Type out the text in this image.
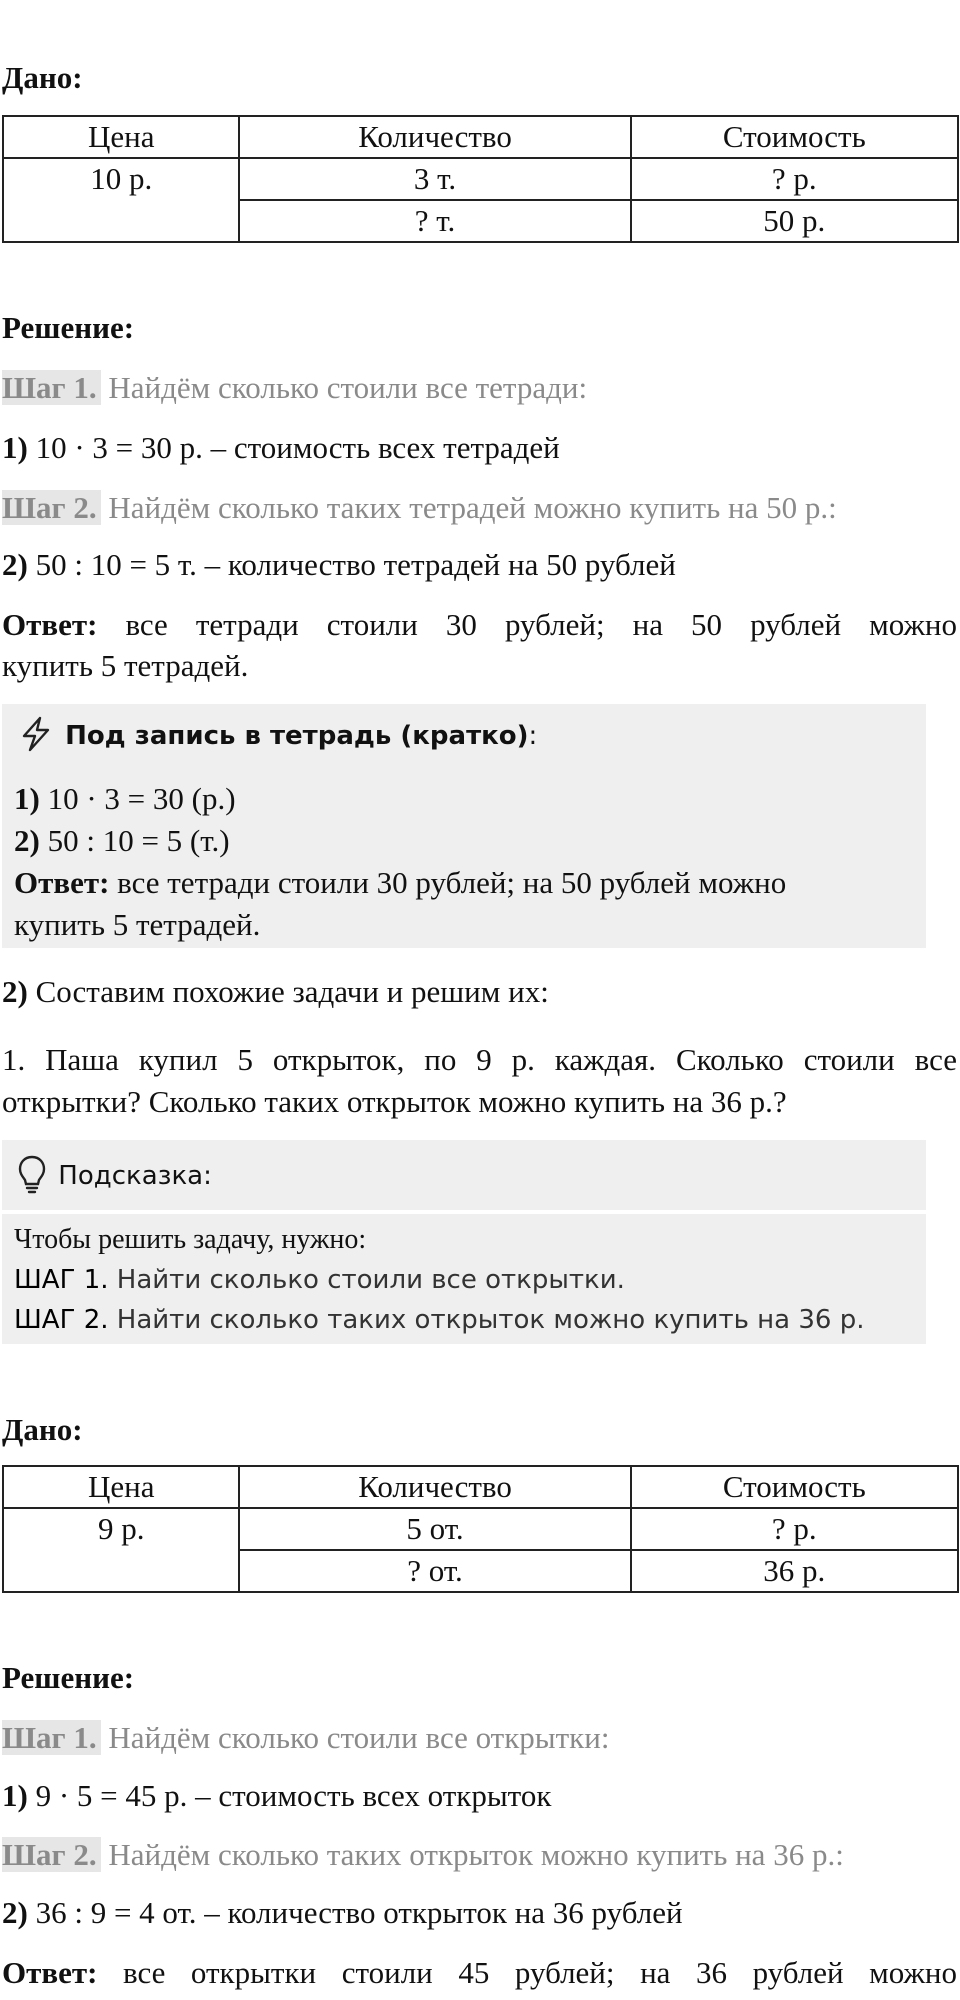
Дано:
Цена	Количество	Стоимость
10 р.	3 т.	? р.
	? т.	50 р.
Решение:
Шаг 1. Найдём сколько стоили все тетради:
1) 10 · 3 = 30 р. – стоимость всех тетрадей
Шаг 2. Найдём сколько таких тетрадей можно купить на 50 р.:
2) 50 : 10 = 5 т. – количество тетрадей на 50 рублей
Ответ: все тетради стоили 30 рублей; на 50 рублей можно
купить 5 тетрадей.
Под запись в тетрадь (кратко):
1) 10 · 3 = 30 (р.)
2) 50 : 10 = 5 (т.)
Ответ: все тетради стоили 30 рублей; на 50 рублей можно
купить 5 тетрадей.
2) Составим похожие задачи и решим их:
1. Паша купил 5 открыток, по 9 р. каждая. Сколько стоили все
открытки? Сколько таких открыток можно купить на 36 р.?
Подсказка:
Чтобы решить задачу, нужно:
ШАГ 1. Найти сколько стоили все открытки.
ШАГ 2. Найти сколько таких открыток можно купить на 36 р.
Дано:
Цена	Количество	Стоимость
9 р.	5 от.	? р.
	? от.	36 р.
Решение:
Шаг 1. Найдём сколько стоили все открытки:
1) 9 · 5 = 45 р. – стоимость всех открыток
Шаг 2. Найдём сколько таких открыток можно купить на 36 р.:
2) 36 : 9 = 4 от. – количество открыток на 36 рублей
Ответ: все открытки стоили 45 рублей; на 36 рублей можно
